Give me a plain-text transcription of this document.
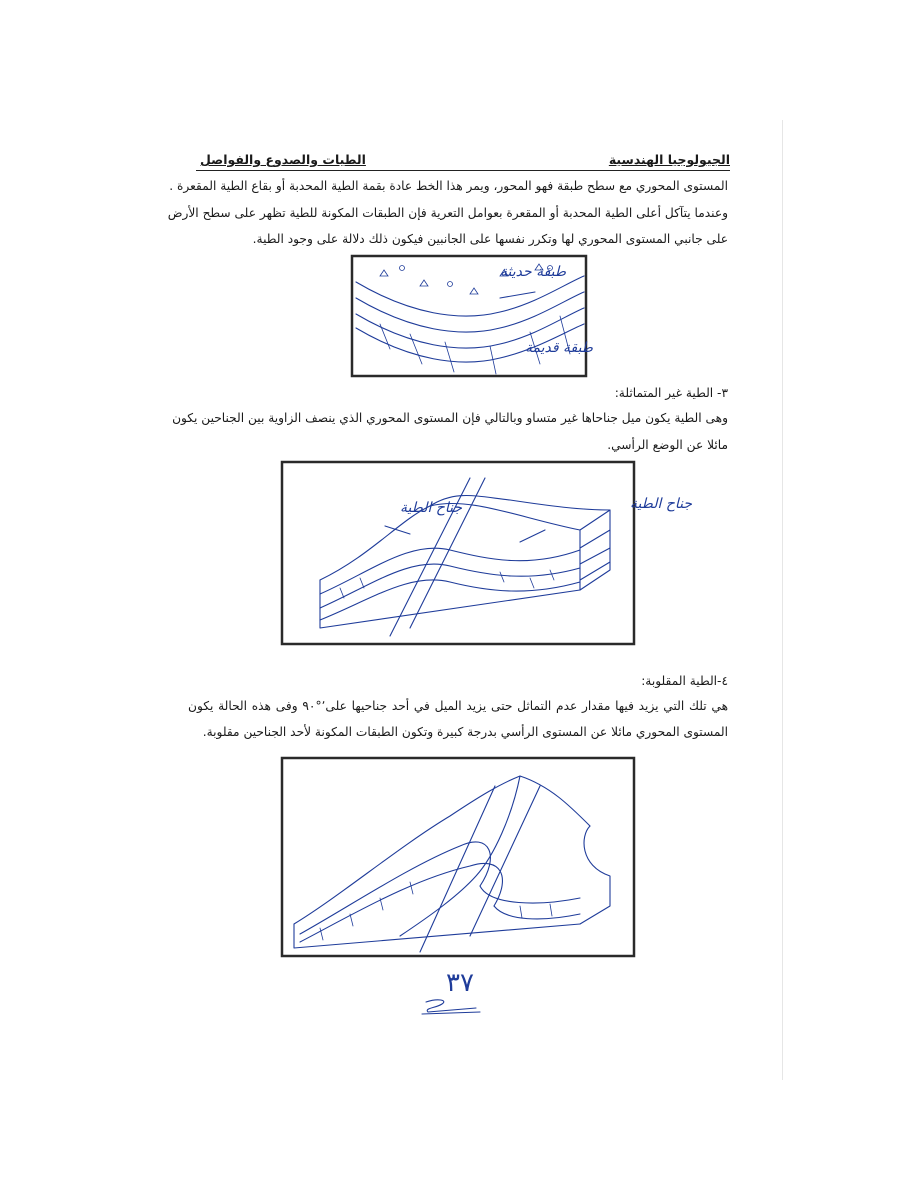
الجيولوجيا الهندسية
الطيات والصدوع والفواصل
المستوى المحوري مع سطح طبقة فهو المحور، ويمر هذا الخط عادة بقمة الطية المحدبة أو بقاع الطية المقعرة .
وعندما يتآكل أعلى الطية المحدبة أو المقعرة بعوامل التعرية فإن الطبقات المكونة للطية تظهر على سطح الأرض
على جانبي المستوى المحوري لها وتكرر نفسها على الجانبين فيكون ذلك دلالة على وجود الطية.
طبقة حديثة
طبقة قديمة
٣- الطية غير المتماثلة:
وهى الطية يكون ميل جناحاها غير متساو وبالتالي فإن المستوى المحوري الذي ينصف الزاوية بين الجناحين يكون
مائلا عن الوضع الرأسي.
جناح الطية	جناح الطية
٤-الطية المقلوبة:
هي تلك التي يزيد فيها مقدار عدم التماثل حتى يزيد الميل في أحد جناحيها على٬°٩٠ وفى هذه الحالة يكون
المستوى المحوري مائلا عن المستوى الرأسي بدرجة كبيرة وتكون الطبقات المكونة لأحد الجناحين مقلوبة.
٣٧
